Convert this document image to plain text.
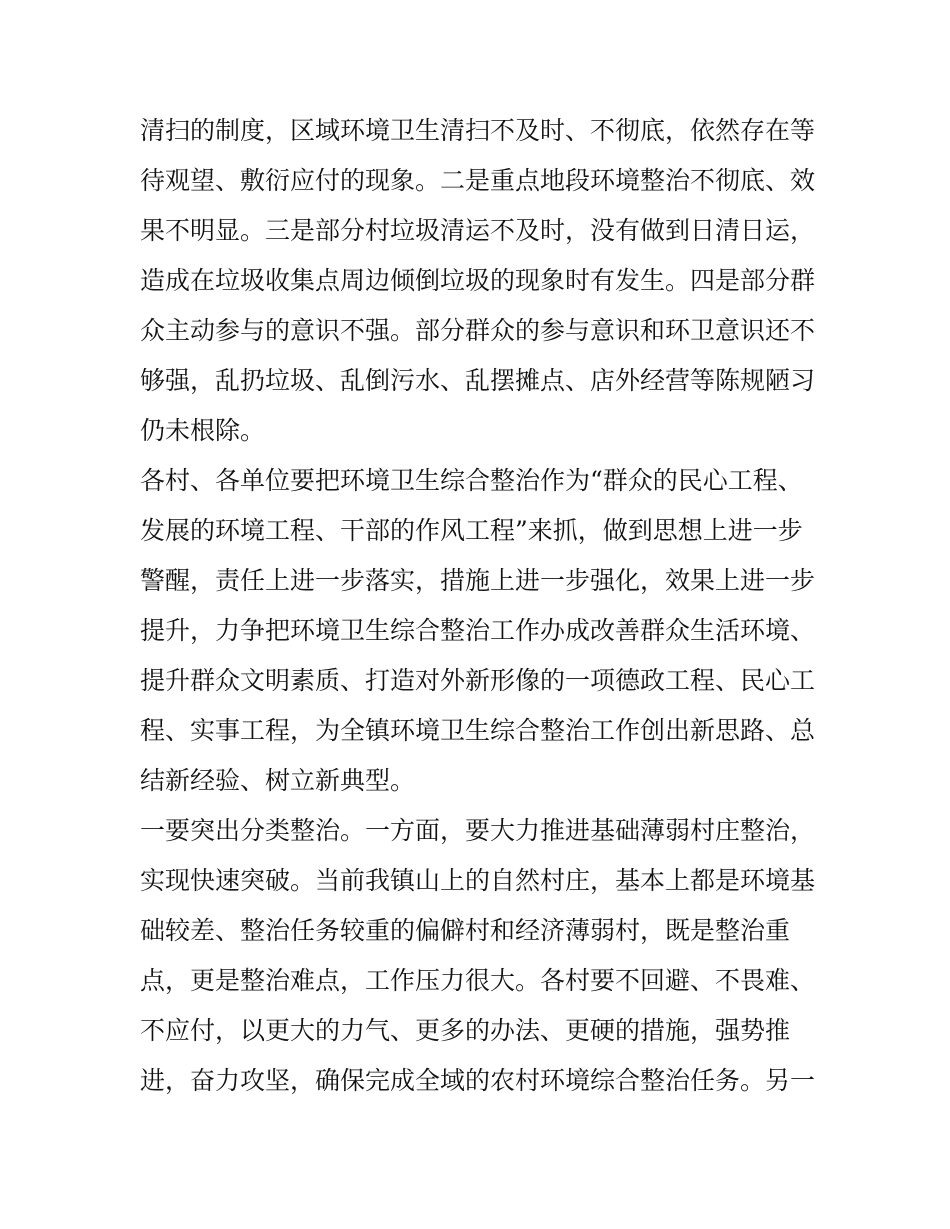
清扫的制度，区域环境卫生清扫不及时、不彻底，依然存在等
待观望、敷衍应付的现象。二是重点地段环境整治不彻底、效
果不明显。三是部分村垃圾清运不及时，没有做到日清日运，
造成在垃圾收集点周边倾倒垃圾的现象时有发生。四是部分群
众主动参与的意识不强。部分群众的参与意识和环卫意识还不
够强，乱扔垃圾、乱倒污水、乱摆摊点、店外经营等陈规陋习
仍未根除。
各村、各单位要把环境卫生综合整治作为“群众的民心工程、
发展的环境工程、干部的作风工程”来抓，做到思想上进一步
警醒，责任上进一步落实，措施上进一步强化，效果上进一步
提升，力争把环境卫生综合整治工作办成改善群众生活环境、
提升群众文明素质、打造对外新形像的一项德政工程、民心工
程、实事工程，为全镇环境卫生综合整治工作创出新思路、总
结新经验、树立新典型。
一要突出分类整治。一方面，要大力推进基础薄弱村庄整治，
实现快速突破。当前我镇山上的自然村庄，基本上都是环境基
础较差、整治任务较重的偏僻村和经济薄弱村，既是整治重
点，更是整治难点，工作压力很大。各村要不回避、不畏难、
不应付，以更大的力气、更多的办法、更硬的措施，强势推
进，奋力攻坚，确保完成全域的农村环境综合整治任务。另一
